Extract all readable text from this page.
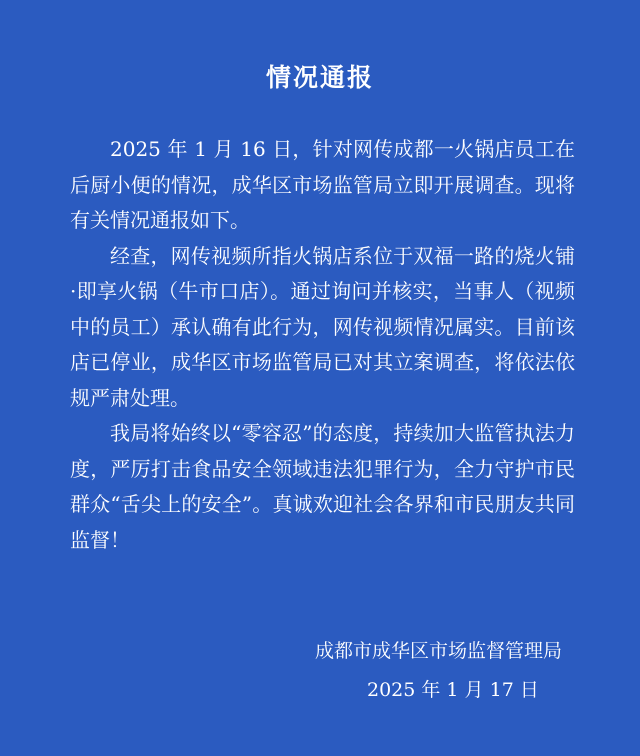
情况通报

2025 年 1 月 16 日，针对网传成都一火锅店员工在后厨小便的情况，成华区市场监管局立即开展调查。现将有关情况通报如下。

经查，网传视频所指火锅店系位于双福一路的烧火铺·即享火锅（牛市口店）。通过询问并核实，当事人（视频中的员工）承认确有此行为，网传视频情况属实。目前该店已停业，成华区市场监管局已对其立案调查，将依法依规严肃处理。

我局将始终以“零容忍”的态度，持续加大监管执法力度，严厉打击食品安全领域违法犯罪行为，全力守护市民群众“舌尖上的安全”。真诚欢迎社会各界和市民朋友共同监督！

成都市成华区市场监督管理局
2025 年 1 月 17 日
